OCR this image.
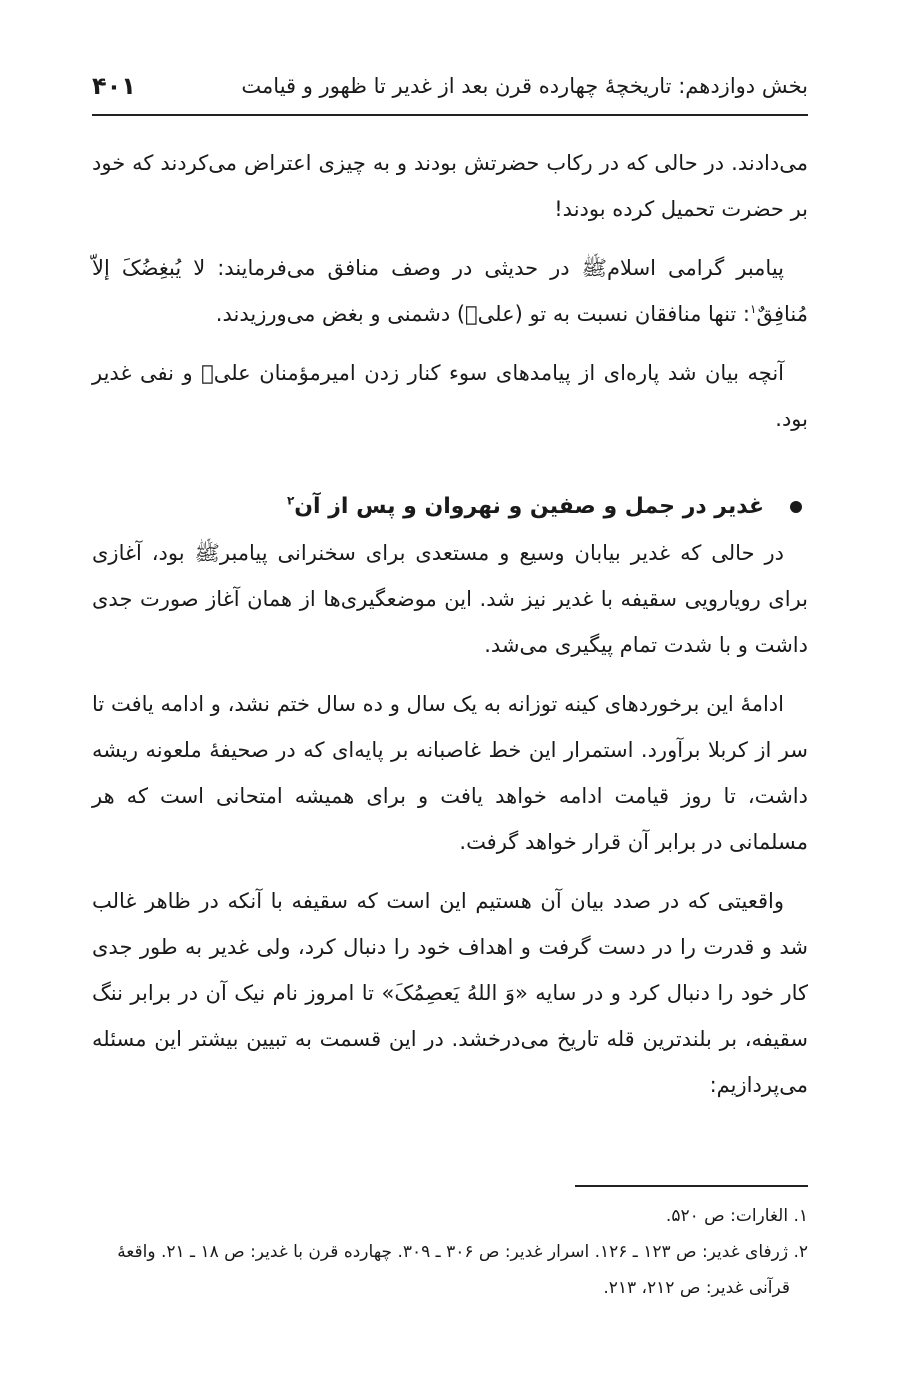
بخش دوازدهم: تاریخچهٔ چهارده قرن بعد از غدیر تا ظهور و قیامت
۴۰۱

می‌دادند. در حالی که در رکاب حضرتش بودند و به چیزی اعتراض می‌کردند که خود بر حضرت تحمیل کرده بودند!

پیامبر گرامی اسلامﷺ در حدیثی در وصف منافق می‌فرمایند: لا یُبغِضُکَ إلاّ مُنافِقٌ$^۱$: تنها منافقان نسبت به تو (علیؑ) دشمنی و بغض می‌ورزیدند.

آنچه بیان شد پاره‌ای از پیامدهای سوء کنار زدن امیرمؤمنان علیؑ و نفی غدیر بود.

غدیر در جمل و صفین و نهروان و پس از آن$^۲$

در حالی که غدیر بیابان وسیع و مستعدی برای سخنرانی پیامبرﷺ بود، آغازی برای رویارویی سقیفه با غدیر نیز شد. این موضعگیری‌ها از همان آغاز صورت جدی داشت و با شدت تمام پیگیری می‌شد.

ادامهٔ این برخوردهای کینه توزانه به یک سال و ده سال ختم نشد، و ادامه یافت تا سر از کربلا برآورد. استمرار این خط غاصبانه بر پایه‌ای که در صحیفهٔ ملعونه ریشه داشت، تا روز قیامت ادامه خواهد یافت و برای همیشه امتحانی است که هر مسلمانی در برابر آن قرار خواهد گرفت.

واقعیتی که در صدد بیان آن هستیم این است که سقیفه با آنکه در ظاهر غالب شد و قدرت را در دست گرفت و اهداف خود را دنبال کرد، ولی غدیر به طور جدی کار خود را دنبال کرد و در سایه «وَ اللهُ یَعصِمُکَ» تا امروز نام نیک آن در برابر ننگ سقیفه، بر بلندترین قله تاریخ می‌درخشد. در این قسمت به تبیین بیشتر این مسئله می‌پردازیم:

۱. الغارات: ص ۵۲۰.

۲. ژرفای غدیر: ص ۱۲۳ ـ ۱۲۶. اسرار غدیر: ص ۳۰۶ ـ ۳۰۹. چهارده قرن با غدیر: ص ۱۸ ـ ۲۱. واقعهٔ

قرآنی غدیر: ص ۲۱۲، ۲۱۳.
